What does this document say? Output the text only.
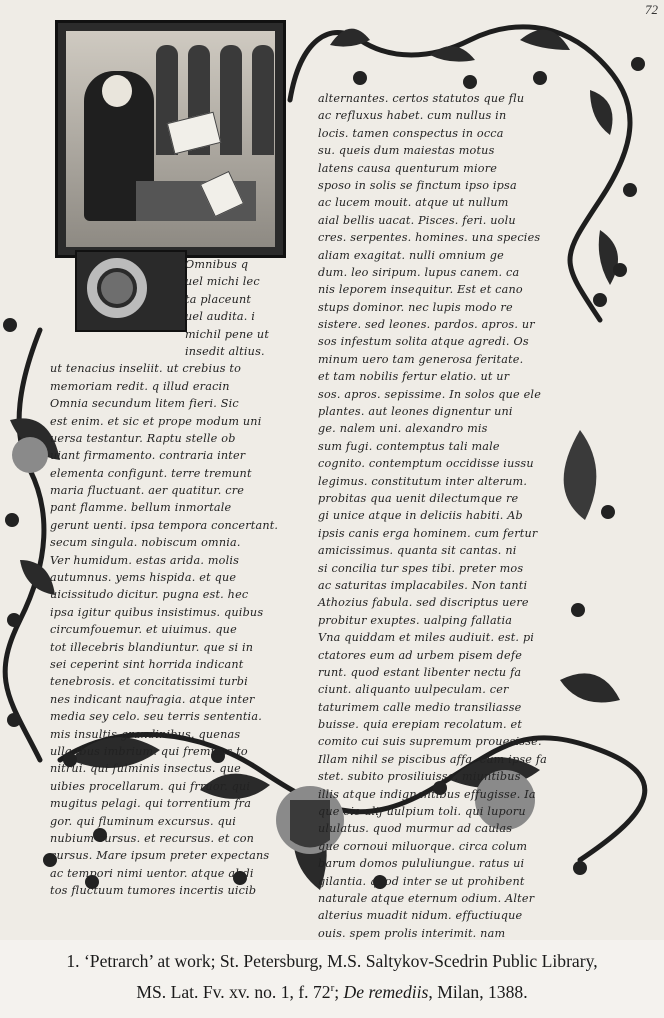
72
Omnibus q
uel michi lec
ta placeunt
uel audita. i
michil pene ut
insedit altius.
ut tenacius inseliit. ut crebius to
memoriam redit. q illud eracin
Omnia secundum litem fieri. Sic
est enim. et sic et prope modum uni
uersa testantur. Raptu stelle ob
uiant firmamento. contraria inter
elementa configunt. terre tremunt
maria fluctuant. aer quatitur. cre
pant flamme. bellum inmortale
gerunt uenti. ipsa tempora concertant.
secum singula. nobiscum omnia.
Ver humidum. estas arida. molis
autumnus. yems hispida. et que
uicissitudo dicitur. pugna est. hec
ipsa igitur quibus insistimus. quibus
circumfouemur. et uiuimus. que
tot illecebris blandiuntur. que si in
sei ceperint sint horrida indicant
tenebrosis. et concitatissimi turbi
nes indicant naufragia. atque inter
media sey celo. seu terris sententia.
mis insultis grandinibus. quenas
ulla ibus imbrium. qui fremitus to
nitrui. qui fulminis insectus. que
uibies procellarum. qui frruor. qui
mugitus pelagi. qui torrentium fra
gor. qui fluminum excursus. qui
nubium cursus. et recursus. et con
cursus. Mare ipsum preter expectans
ac tempori nimi uentor. atque abdi
tos fluctuum tumores incertis uicib
alternantes. certos statutos que flu
ac refluxus habet. cum nullus in
locis. tamen conspectus in occa
su. queis dum maiestas motus
latens causa quenturum miore
sposo in solis se finctum ipso ipsa
ac lucem mouit. atque ut nullum
aial bellis uacat. Pisces. feri. uolu
cres. serpentes. homines. una species
aliam exagitat. nulli omnium ge
dum. leo siripum. lupus canem. ca
nis leporem insequitur. Est et cano
stups dominor. nec lupis modo re
sistere. sed leones. pardos. apros. ur
sos infestum solita atque agredi. Os
minum uero tam generosa feritate.
et tam nobilis fertur elatio. ut ur
sos. apros. sepissime. In solos que ele
plantes. aut leones dignentur uni
ge. nalem uni. alexandro mis
sum fugi. contemptus tali male
cognito. contemptum occidisse iussu
legimus. constitutum inter alterum.
probitas qua uenit dilectumque re
gi unice atque in deliciis habiti. Ab
ipsis canis erga hominem. cum fertur
amicissimus. quanta sit cantas. ni
si concilia tur spes tibi. preter mos
ac saturitas implacabiles. Non tanti
Athozius fabula. sed discriptus uere
probitur exuptes. ualping fallatia
Vna quiddam et miles audiuit. est. pi
ctatores eum ad urbem pisem defe
runt. quod estant libenter nectu fa
ciunt. aliquanto uulpeculam. cer
taturimem calle medio transiliasse
buisse. quia erepiam recolatum. et
comito cui suis supremum prouesisse.
Illam nihil se piscibus affa. cum ipse fa
stet. subito prosiliuisse. miuntibus
illis atque indignantibus effugisse. Ia
que oio alij uulpium toli. qui luporu
ululatus. quod murmur ad caulas
que cornoui miluorque. circa colum
barum domos pululiungue. ratus ui
gilantia. quod inter se ut prohibent
naturale atque eternum odium. Alter
alterius muadit nidum. effuctiuque
ouis. spem prolis interimit. nam
1. ‘Petrarch’ at work; St. Petersburg, M.S. Saltykov-Scedrin Public Library,
MS. Lat. Fv. xv. no. 1, f. 72$^r$; De remediis, Milan, 1388.
